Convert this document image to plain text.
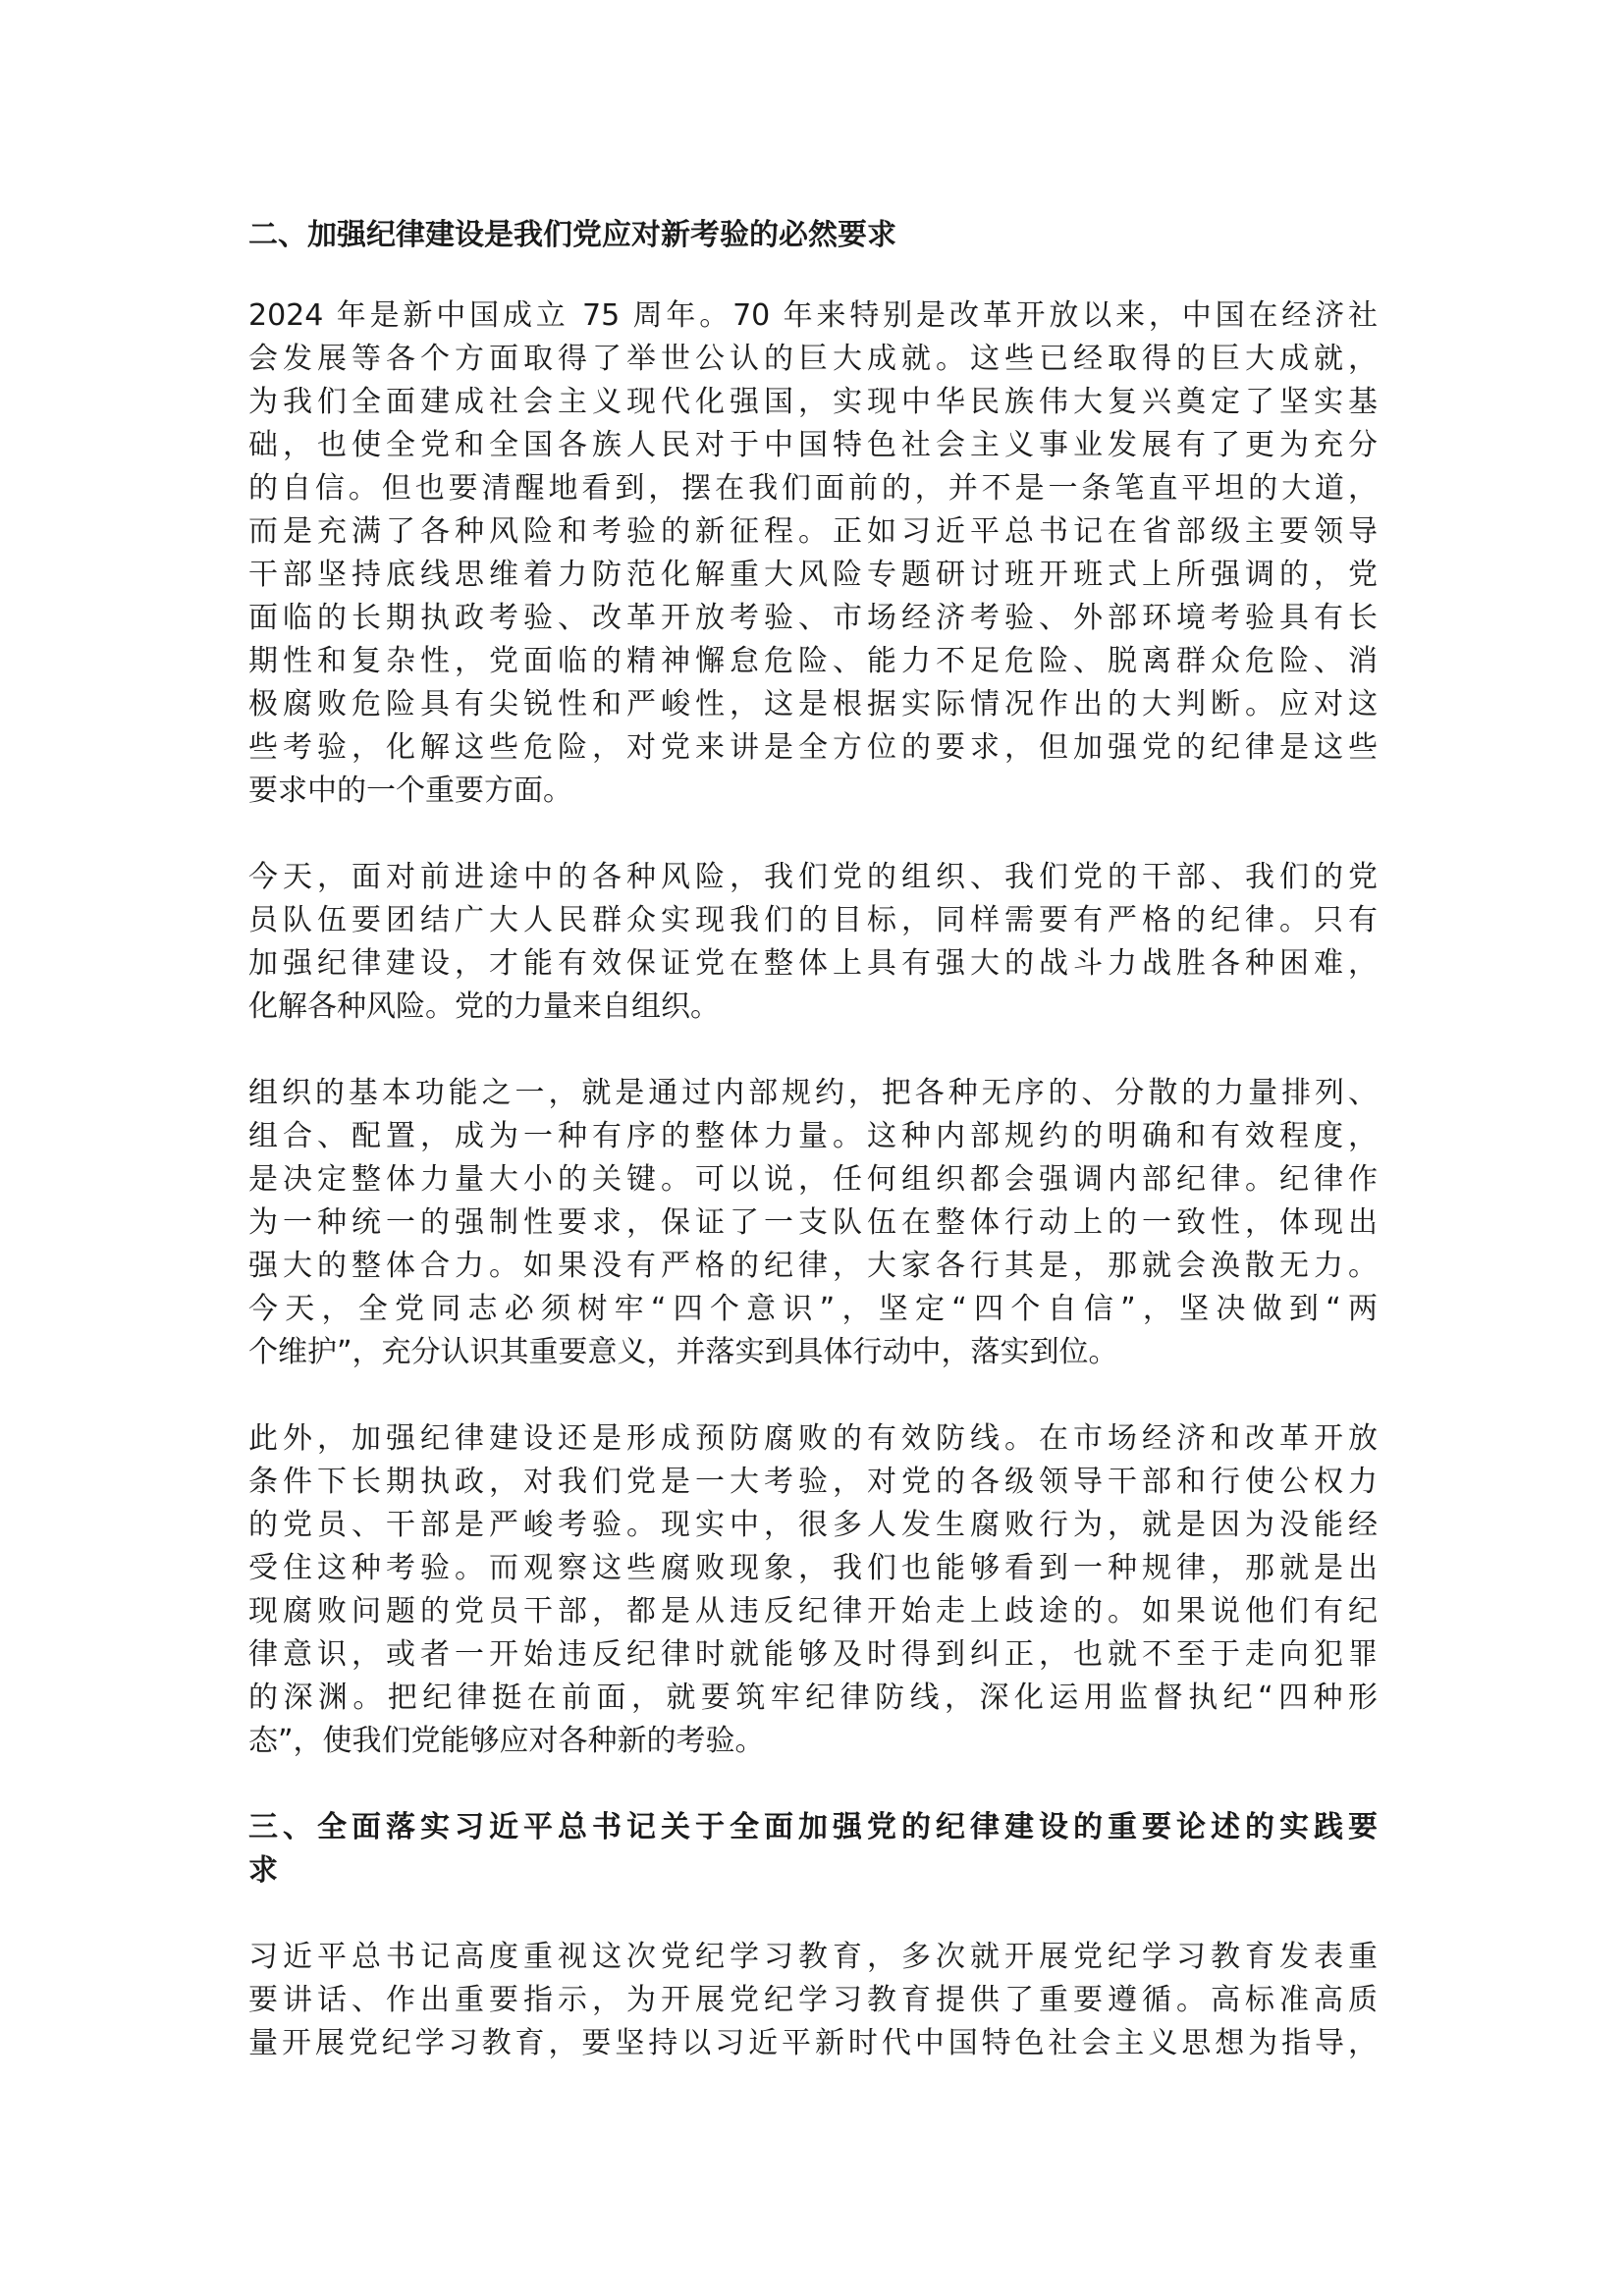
二、加强纪律建设是我们党应对新考验的必然要求
2024 年是新中国成立 75 周年。70 年来特别是改革开放以来，中国在经济社
会发展等各个方面取得了举世公认的巨大成就。这些已经取得的巨大成就，
为我们全面建成社会主义现代化强国，实现中华民族伟大复兴奠定了坚实基
础，也使全党和全国各族人民对于中国特色社会主义事业发展有了更为充分
的自信。但也要清醒地看到，摆在我们面前的，并不是一条笔直平坦的大道，
而是充满了各种风险和考验的新征程。正如习近平总书记在省部级主要领导
干部坚持底线思维着力防范化解重大风险专题研讨班开班式上所强调的，党
面临的长期执政考验、改革开放考验、市场经济考验、外部环境考验具有长
期性和复杂性，党面临的精神懈怠危险、能力不足危险、脱离群众危险、消
极腐败危险具有尖锐性和严峻性，这是根据实际情况作出的大判断。应对这
些考验，化解这些危险，对党来讲是全方位的要求，但加强党的纪律是这些
要求中的一个重要方面。
今天，面对前进途中的各种风险，我们党的组织、我们党的干部、我们的党
员队伍要团结广大人民群众实现我们的目标，同样需要有严格的纪律。只有
加强纪律建设，才能有效保证党在整体上具有强大的战斗力战胜各种困难，
化解各种风险。党的力量来自组织。
组织的基本功能之一，就是通过内部规约，把各种无序的、分散的力量排列、
组合、配置，成为一种有序的整体力量。这种内部规约的明确和有效程度，
是决定整体力量大小的关键。可以说，任何组织都会强调内部纪律。纪律作
为一种统一的强制性要求，保证了一支队伍在整体行动上的一致性，体现出
强大的整体合力。如果没有严格的纪律，大家各行其是，那就会涣散无力。
今天，全党同志必须树牢“四个意识”，坚定“四个自信”，坚决做到“两
个维护”，充分认识其重要意义，并落实到具体行动中，落实到位。
此外，加强纪律建设还是形成预防腐败的有效防线。在市场经济和改革开放
条件下长期执政，对我们党是一大考验，对党的各级领导干部和行使公权力
的党员、干部是严峻考验。现实中，很多人发生腐败行为，就是因为没能经
受住这种考验。而观察这些腐败现象，我们也能够看到一种规律，那就是出
现腐败问题的党员干部，都是从违反纪律开始走上歧途的。如果说他们有纪
律意识，或者一开始违反纪律时就能够及时得到纠正，也就不至于走向犯罪
的深渊。把纪律挺在前面，就要筑牢纪律防线，深化运用监督执纪“四种形
态”，使我们党能够应对各种新的考验。
三、全面落实习近平总书记关于全面加强党的纪律建设的重要论述的实践要
求
习近平总书记高度重视这次党纪学习教育，多次就开展党纪学习教育发表重
要讲话、作出重要指示，为开展党纪学习教育提供了重要遵循。高标准高质
量开展党纪学习教育，要坚持以习近平新时代中国特色社会主义思想为指导，
